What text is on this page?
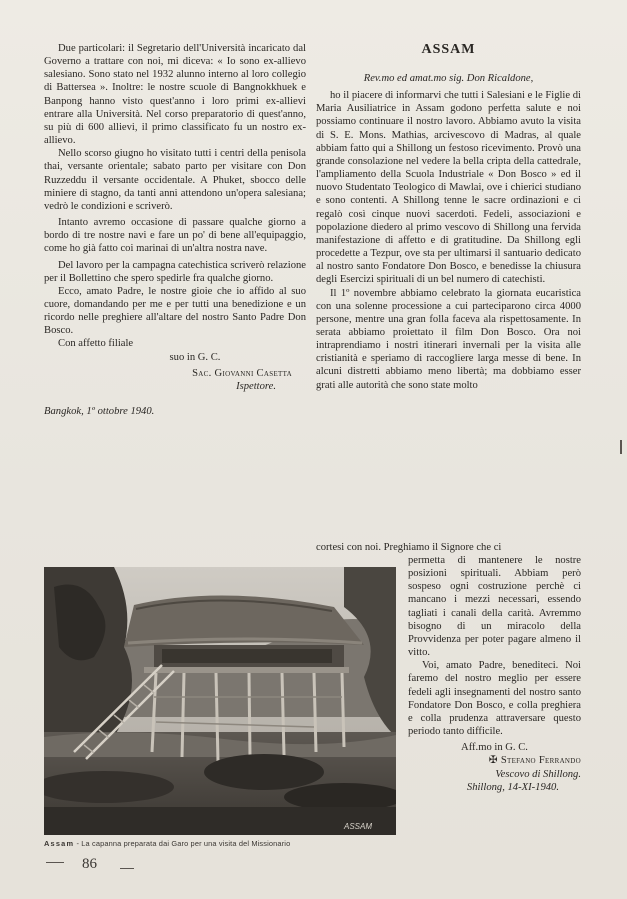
Due particolari: il Segretario dell'Università incaricato dal Governo a trattare con noi, mi diceva: « Io sono ex-allievo salesiano. Sono stato nel 1932 alunno interno al loro collegio di Battersea ». Inoltre: le nostre scuole di Bangnokkhuek e Banpong hanno visto quest'anno i loro primi ex-allievi entrare alla Università. Nel corso preparatorio di quest'anno, su più di 600 allievi, il primo classificato fu un nostro ex-allievo.

Nello scorso giugno ho visitato tutti i centri della penisola thai, versante orientale; sabato parto per visitare con Don Ruzzeddu il versante occidentale. A Phuket, sbocco delle miniere di stagno, da tanti anni attendono un'opera salesiana; vedrò le condizioni e scriverò.

Intanto avremo occasione di passare qualche giorno a bordo di tre nostre navi e fare un po' di bene all'equipaggio, come ho già fatto coi marinai di un'altra nostra nave.

Del lavoro per la campagna catechistica scriverò relazione per il Bollettino che spero spedirle fra qualche giorno.

Ecco, amato Padre, le nostre gioie che io affido al suo cuore, domandando per me e per tutti una benedizione e un ricordo nelle preghiere all'altare del nostro Santo Padre Don Bosco.

Con affetto filiale

suo in G. C.

Sac. Giovanni Casetta

Ispettore.

Bangkok, 1º ottobre 1940.

ASSAM

Rev.mo ed amat.mo sig. Don Ricaldone,

ho il piacere di informarvi che tutti i Salesiani e le Figlie di Maria Ausiliatrice in Assam godono perfetta salute e noi possiamo continuare il nostro lavoro. Abbiamo avuto la visita di S. E. Mons. Mathias, arcivescovo di Madras, al quale abbiam fatto qui a Shillong un festoso ricevimento. Provò una grande consolazione nel vedere la bella cripta della cattedrale, l'ampliamento della Scuola Industriale « Don Bosco » ed il nuovo Studentato Teologico di Mawlai, ove i chierici studiano e sono contenti. A Shillong tenne le sacre ordinazioni e ci regalò così cinque nuovi sacerdoti. Fedeli, associazioni e popolazione diedero al primo vescovo di Shillong una fervida manifestazione di affetto e di gratitudine. Da Shillong egli procedette a Tezpur, ove sta per ultimarsi il santuario dedicato al nostro santo Fondatore Don Bosco, e benedisse la chiusura degli Esercizi spirituali di un bel numero di catechisti.

Il 1º novembre abbiamo celebrato la giornata eucaristica con una solenne processione a cui parteciparono circa 4000 persone, mentre una gran folla faceva ala rispettosamente. In serata abbiamo proiettato il film Don Bosco. Ora noi intraprendiamo i nostri itinerari invernali per la visita alle cristianità e speriamo di raccogliere larga messe di bene. In alcuni distretti abbiamo meno libertà; ma dobbiamo esser grati alle autorità che sono state molto

cortesi con noi. Preghiamo il Signore che ci

permetta di mantenere le nostre posizioni spirituali. Abbiam però sospeso ogni costruzione perchè ci mancano i mezzi necessari, essendo tagliati i canali della carità. Avremmo bisogno di un miracolo della Provvidenza per poter pagare almeno il vitto.

Voi, amato Padre, benediteci. Noi faremo del nostro meglio per essere fedeli agli insegnamenti del nostro santo Fondatore Don Bosco, e colla preghiera e colla prudenza attraversare questo periodo tanto difficile.

Aff.mo in G. C.

✠ Stefano Ferrando

Vescovo di Shillong.

Shillong, 14-XI-1940.

ASSAM
Assam - La capanna preparata dai Garo per una visita del Missionario
86
